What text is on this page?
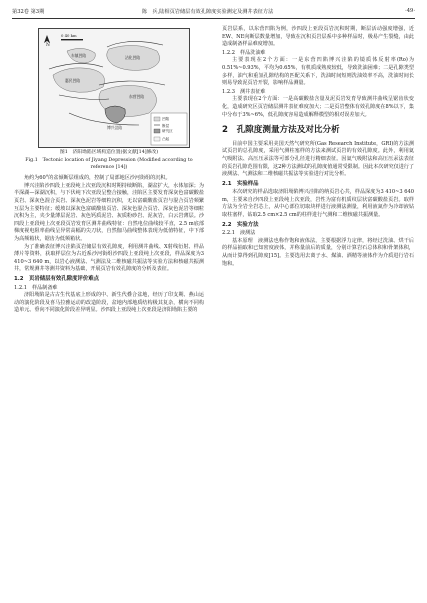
第32卷 第3期	陈　兵,陆相页岩储层有效孔隙度实验测定及测井表征方法	·49·
N
0 40 km
车镇凹陷	沾化凹陷
惠民凹陷
东营凹陷
博兴洼陷
凹陷
断层
研究区
凸起
图1　济阳坳陷区域构造位置(据文献[14]修改)
Fig.1　Tectonic location of Jiyang Depression (Modified according to reference [14])

角约为60°的盆倾断层组成的，控制了局部地区沙河街组的沉积。

博兴洼陷沙四段上亚段纯上次亚段沉积时期持续断陷，湖盆扩大，水体加深；为半深湖—深湖沉积，与下伏纯下次亚段呈整合接触，洼陷区主要发育深灰色富碳酸盐页岩、深灰色混合页岩、深灰色泥岩等细粒沉积，无以富碳酸盐页岩与混合页岩频繁互层为主要特征；缓坡以深灰色富碳酸盐页岩、深灰色混合页岩、深灰色泥岩等细粒沉积为主，夹少量薄层泥岩、灰色钙质泥岩、灰质粉砂岩、泥灰岩，白云岩薄层。沙四段上亚段纯上次亚段页岩发育区测井曲线特征：自然电位曲线较平直，2.5 m底部梯度视电阻率曲线呈异常高幅的尖刀状，自然伽马曲线整体表现为低值特征，中下部为高频箱状，锯齿为低频箱状。

为了准确表征博兴洼陷页岩储层有效孔隙度，利用测井曲线、X射线衍射、样品薄片等资料，获取样层位为古近系沙河街组沙四段上亚段纯上次亚段，样品深度为3 410~3 640 m，以岩心液测法、气测法及二维核磁共振法等实验方法和核磁共振测井，常规测井等测井资料为基础，开展页岩有效孔隙度的分析及表征。

1.2　页岩储层有效孔隙度评价难点
1.2.1　样品制备难

济阳坳陷是古古生代基底上形成的中、新生代叠合盆地，经历了印支期、燕山运动的演化阶段及喜马拉雅运动的改造阶段，盆地内部地质结构极其复杂，横向不同构造单元、垂向不同演化阶段差异明显。沙四段上亚段纯上次亚段是济阳坳陷主要的

页岩层系，以东营凹陷为例，沙四段上亚段页岩沉积时期，断层活动强度增强，近EW、NE向断层数量增加，导致在沉积页岩层系中多种样品时，极易产生裂缝，由此造成制备样品难度增加。

1.2.2　样品洗油难

主要表现在2个方面：一是东营凹陷博兴洼陷的镜质体反射率(Ro)为0.51%~0.93%，平均为0.65%，有机质成熟度较低，导致洗油困难；二是孔隙类型多样，油气和重氢孔隙结构的匹配关系下，洗油时间短则洗油效率不高，洗油时间长则易导致泥页岩开裂，影响样品测量。

1.2.3　测井表征难

主要表现在2个方面：一是高碳酸盐含量及泥页岩发育导致测井曲线呈锯齿状变化，造成研究区页岩储层测井表征难度加大；二是页岩整体有效孔隙度在8%以下，集中分布于3%~6%，低孔隙度容易造成解释模型的相对误差加大。

2　孔隙度测量方法及对比分析

目前中国主要采用美国天然气研究所(Gas Research Institute，GRI)的方法测试页岩的总孔隙度，采用气测柱塞样的方法来测试页岩的有效孔隙度。此外，利用氦气吸附法、高压压汞法等可部分孔径进行精细表征。因氦气吸附法和高压压汞法表征的页岩孔隙范围有限，这2种方法测试的孔隙度值通常受限制。因此本次研究仅进行了液测法、气测法和二维核磁共振法等实验进行对比分析。

2.1　实验样品

本次研究的样品选取济阳坳陷博兴洼陷的纳页岩心共，样品深度为3 410~3 640 m，主要来自沙四段上亚段纯上次亚段，岩性为富有机质纹层状富碳酸盐页岩。取样方法为全岩全岩芯上，从中心部位切取块样进行液测法测量，利用液氮作为冷却液钻取柱塞样，钻取2.5 cm×2.5 cm的柱样进行气测和二维核磁共振测量。

2.2　实验方法
2.2.1　液测法

基本原理　液测法也称作饱和液体法，主要根据浮力定律，将经过洗油、烘干后的样品抽取和已知密度液体，并称量前后的质量，分别计算岩石总体积和骨架体积，从而计算得到孔隙度[15]。主要选用去离子水、煤油、酒精等液体作为介质进行岩石饱和。
